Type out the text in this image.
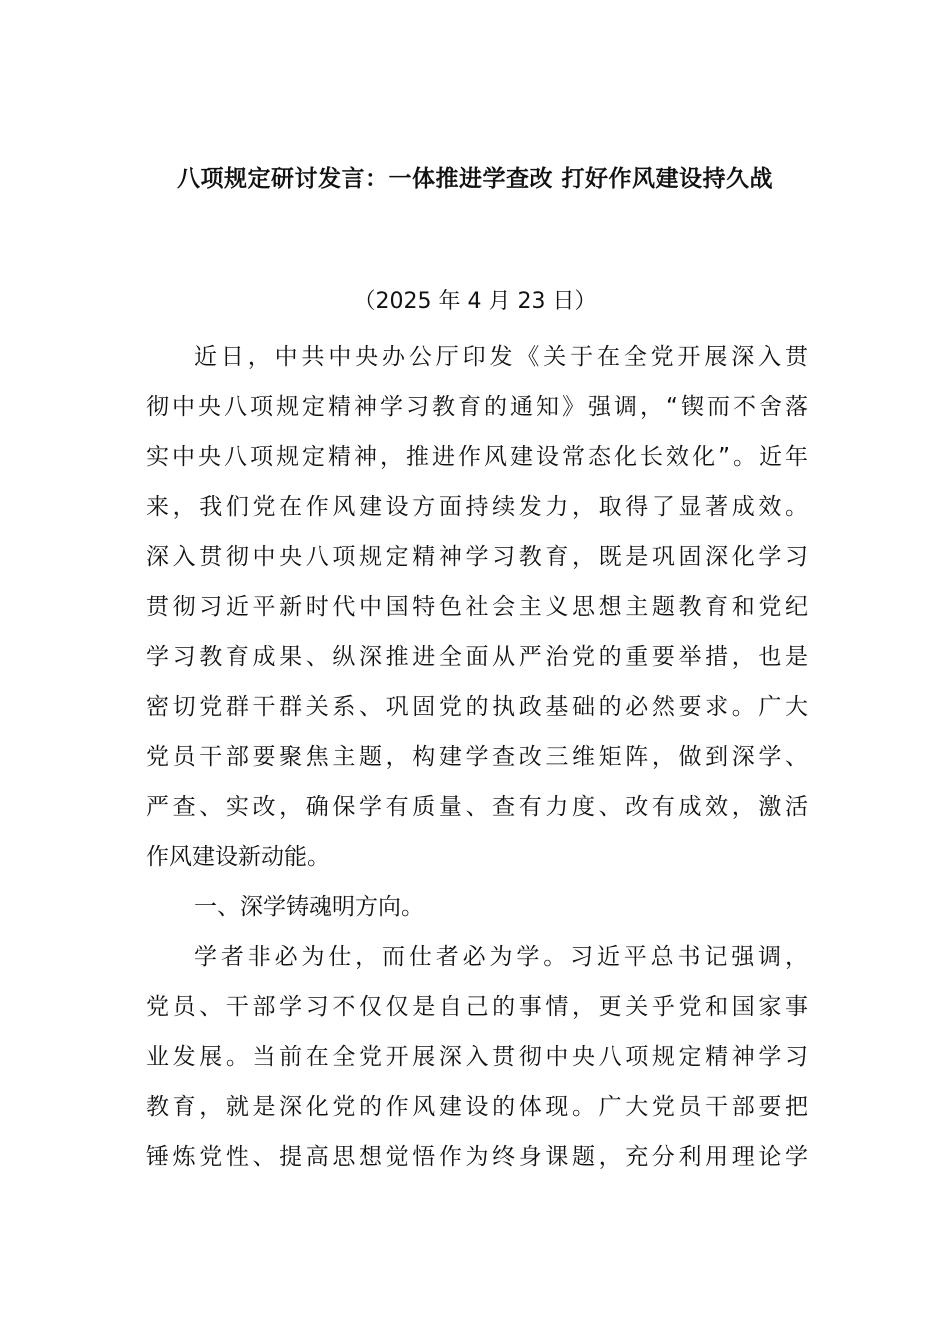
八项规定研讨发言：一体推进学查改 打好作风建设持久战
（2025 年 4 月 23 日）
近日，中共中央办公厅印发《关于在全党开展深入贯
彻中央八项规定精神学习教育的通知》强调，“锲而不舍落
实中央八项规定精神，推进作风建设常态化长效化”。近年
来，我们党在作风建设方面持续发力，取得了显著成效。
深入贯彻中央八项规定精神学习教育，既是巩固深化学习
贯彻习近平新时代中国特色社会主义思想主题教育和党纪
学习教育成果、纵深推进全面从严治党的重要举措，也是
密切党群干群关系、巩固党的执政基础的必然要求。广大
党员干部要聚焦主题，构建学查改三维矩阵，做到深学、
严查、实改，确保学有质量、查有力度、改有成效，激活
作风建设新动能。
一、深学铸魂明方向。
学者非必为仕，而仕者必为学。习近平总书记强调，
党员、干部学习不仅仅是自己的事情，更关乎党和国家事
业发展。当前在全党开展深入贯彻中央八项规定精神学习
教育，就是深化党的作风建设的体现。广大党员干部要把
锤炼党性、提高思想觉悟作为终身课题，充分利用理论学
